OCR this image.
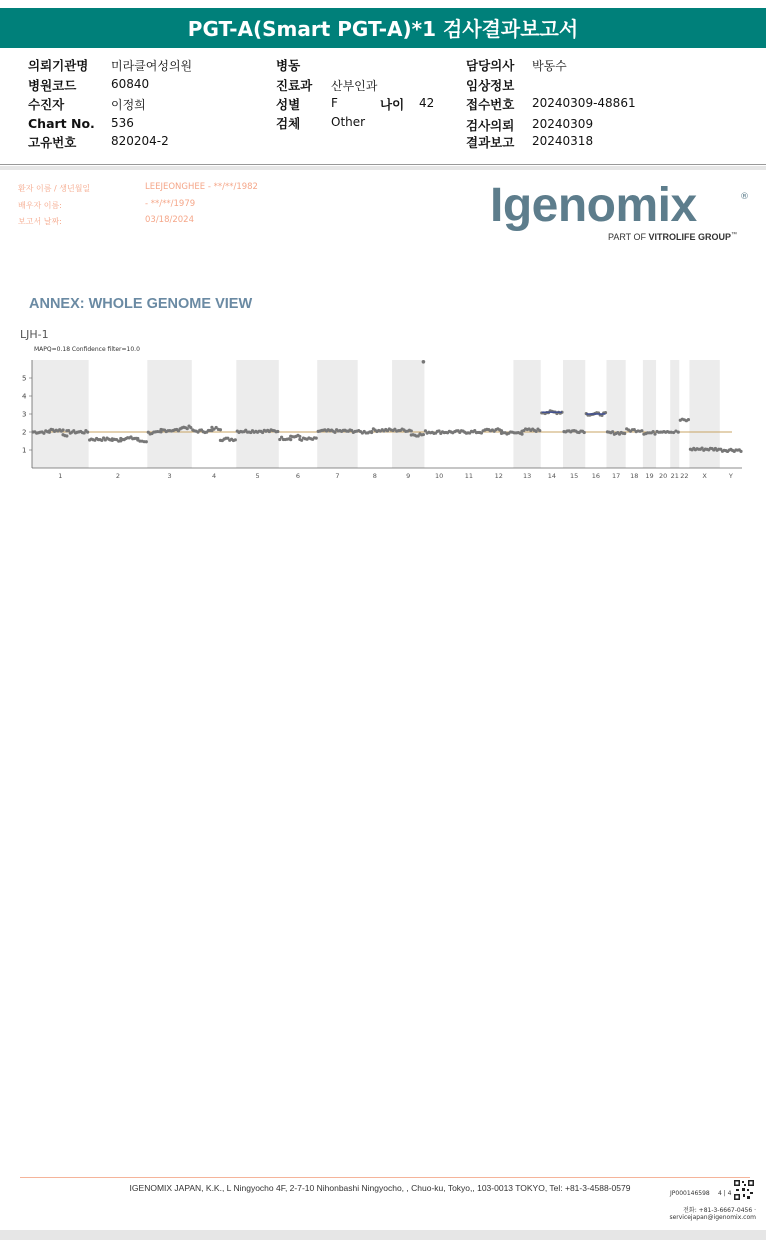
PGT-A(Smart PGT-A)*1 검사결과보고서
의뢰기관명 미라클여성의원
병원코드	60840
수진자	이정희
Chart No. 536
고유번호	820204-2
병동
진료과 산부인과
성별	F	나이 42
검체	Other
담당의사 박동수
임상정보
접수번호 20240309-48861
검사의뢰 20240309
결과보고 20240318
환자 이름 / 생년월일	LEEJEONGHEE - **/**/1982
배우자 이름:	- **/**/1979
보고서 날짜:	03/18/2024	Igenomix	®
PART OF VITROLIFE GROUP™
ANNEX: WHOLE GENOME VIEW
LJH-1
MAPQ=0.18 Confidence filter=10.0
1
2
3
4
5
1	2	3	4	5	6	7	8	9	10	11	12	13	14 15 16 17 18 19 20 21 22 X	Y
IGENOMIX JAPAN, K.K., L Ningyocho 4F, 2-7-10 Nihonbashi Ningyocho, , Chuo-ku, Tokyo,, 103-0013 TOKYO, Tel: +81-3-4588-0579
JP000146598 4 | 4
전화: +81-3-6667-0456 ·
servicejapan@igenomix.com
